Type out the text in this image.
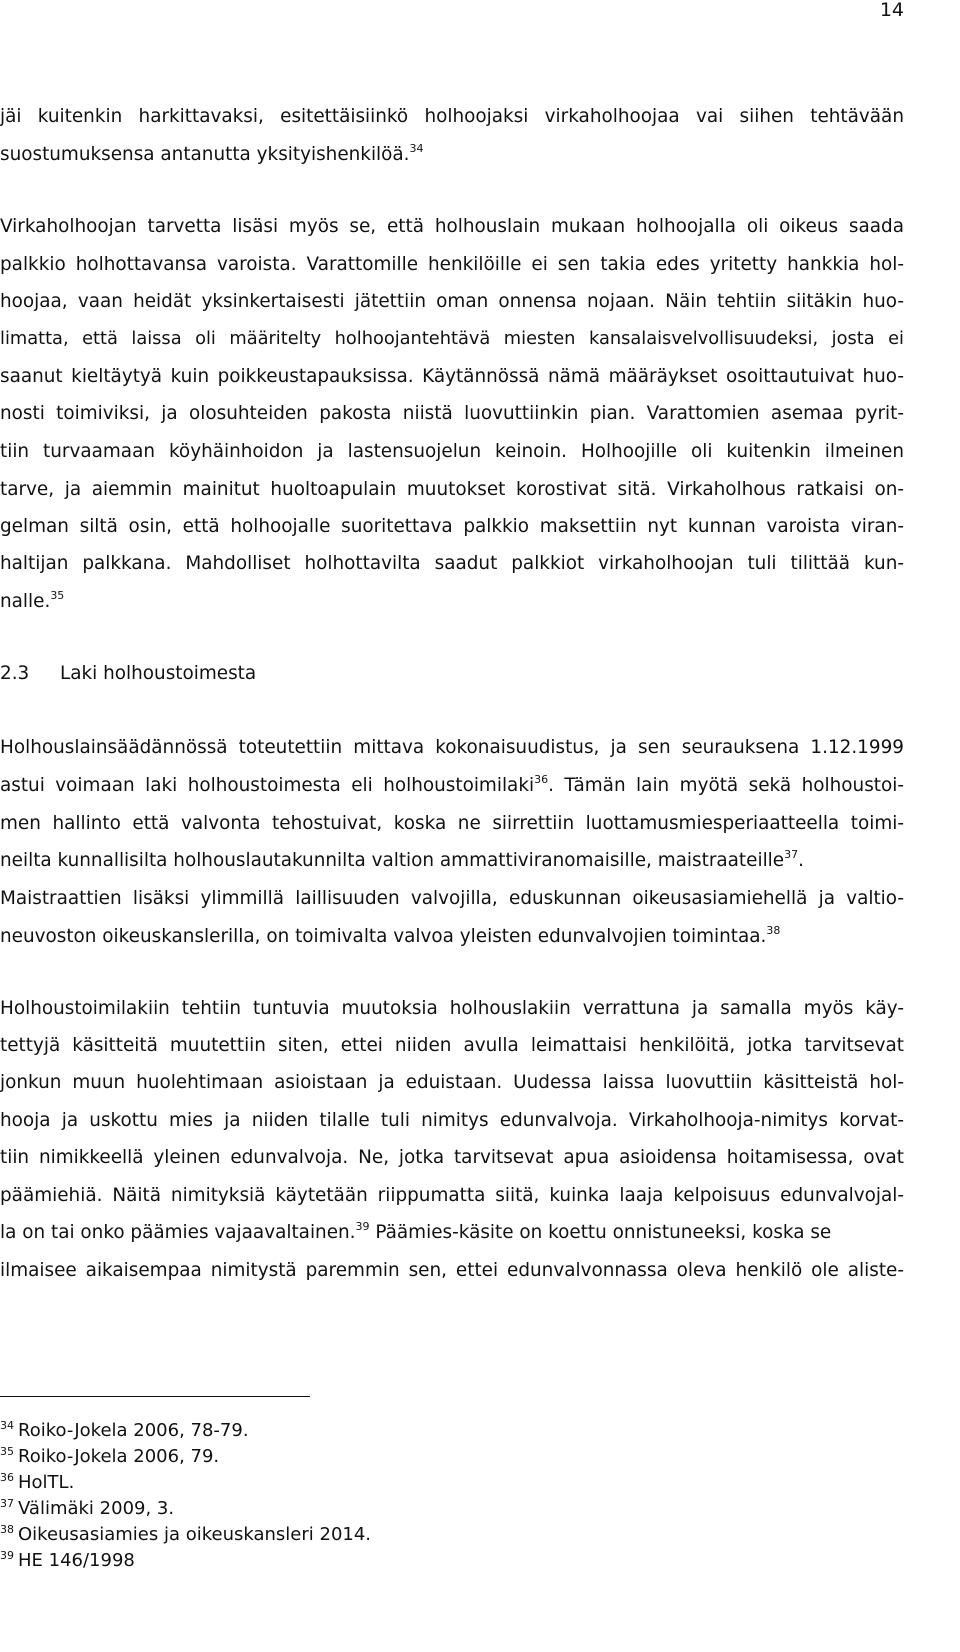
14
jäi kuitenkin harkittavaksi, esitettäisiinkö holhoojaksi virkaholhoojaa vai siihen tehtävään
suostumuksensa antanutta yksityishenkilöä.$^{34}$
Virkaholhoojan tarvetta lisäsi myös se, että holhouslain mukaan holhoojalla oli oikeus saada
palkkio holhottavansa varoista. Varattomille henkilöille ei sen takia edes yritetty hankkia hol-
hoojaa, vaan heidät yksinkertaisesti jätettiin oman onnensa nojaan. Näin tehtiin siitäkin huo-
limatta, että laissa oli määritelty holhoojantehtävä miesten kansalaisvelvollisuudeksi, josta ei
saanut kieltäytyä kuin poikkeustapauksissa. Käytännössä nämä määräykset osoittautuivat huo-
nosti toimiviksi, ja olosuhteiden pakosta niistä luovuttiinkin pian. Varattomien asemaa pyrit-
tiin turvaamaan köyhäinhoidon ja lastensuojelun keinoin. Holhoojille oli kuitenkin ilmeinen
tarve, ja aiemmin mainitut huoltoapulain muutokset korostivat sitä. Virkaholhous ratkaisi on-
gelman siltä osin, että holhoojalle suoritettava palkkio maksettiin nyt kunnan varoista viran-
haltijan palkkana. Mahdolliset holhottavilta saadut palkkiot virkaholhoojan tuli tilittää kun-
nalle.$^{35}$
2.3 Laki holhoustoimesta
Holhouslainsäädännössä toteutettiin mittava kokonaisuudistus, ja sen seurauksena 1.12.1999
astui voimaan laki holhoustoimesta eli holhoustoimilaki$^{36}$. Tämän lain myötä sekä holhoustoi-
men hallinto että valvonta tehostuivat, koska ne siirrettiin luottamusmiesperiaatteella toimi-
neilta kunnallisilta holhouslautakunnilta valtion ammattiviranomaisille, maistraateille$^{37}$.
Maistraattien lisäksi ylimmillä laillisuuden valvojilla, eduskunnan oikeusasiamiehellä ja valtio-
neuvoston oikeuskanslerilla, on toimivalta valvoa yleisten edunvalvojien toimintaa.$^{38}$
Holhoustoimilakiin tehtiin tuntuvia muutoksia holhouslakiin verrattuna ja samalla myös käy-
tettyjä käsitteitä muutettiin siten, ettei niiden avulla leimattaisi henkilöitä, jotka tarvitsevat
jonkun muun huolehtimaan asioistaan ja eduistaan. Uudessa laissa luovuttiin käsitteistä hol-
hooja ja uskottu mies ja niiden tilalle tuli nimitys edunvalvoja. Virkaholhooja-nimitys korvat-
tiin nimikkeellä yleinen edunvalvoja. Ne, jotka tarvitsevat apua asioidensa hoitamisessa, ovat
päämiehiä. Näitä nimityksiä käytetään riippumatta siitä, kuinka laaja kelpoisuus edunvalvojal-
la on tai onko päämies vajaavaltainen.$^{39}$ Päämies-käsite on koettu onnistuneeksi, koska se
ilmaisee aikaisempaa nimitystä paremmin sen, ettei edunvalvonnassa oleva henkilö ole aliste-
$^{34}$ Roiko-Jokela 2006, 78-79.
$^{35}$ Roiko-Jokela 2006, 79.
$^{36}$ HolTL.
$^{37}$ Välimäki 2009, 3.
$^{38}$ Oikeusasiamies ja oikeuskansleri 2014.
$^{39}$ HE 146/1998
